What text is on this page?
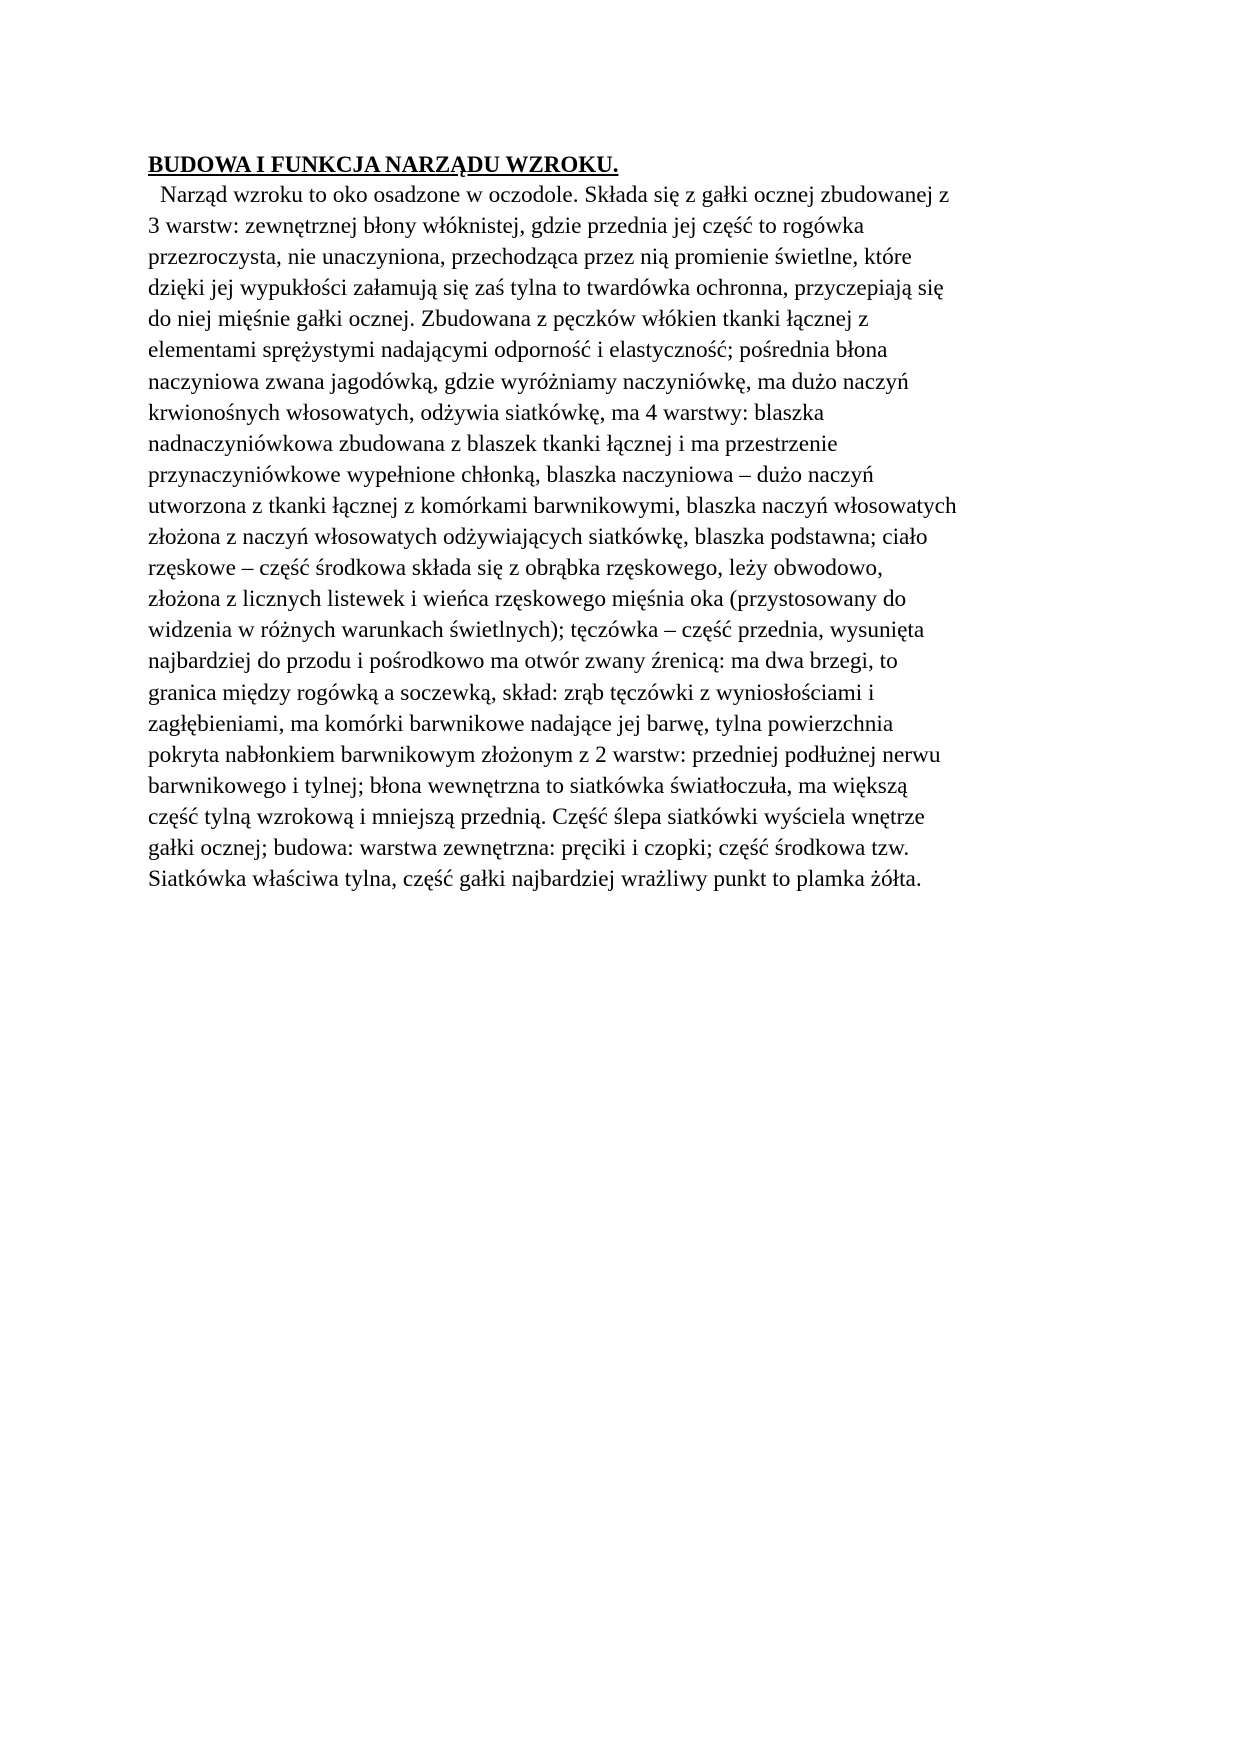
BUDOWA I FUNKCJA NARZĄDU WZROKU.

Narząd wzroku to oko osadzone w oczodole. Składa się z gałki ocznej zbudowanej z
3 warstw: zewnętrznej błony włóknistej, gdzie przednia jej część to rogówka
przezroczysta, nie unaczyniona, przechodząca przez nią promienie świetlne, które
dzięki jej wypukłości załamują się zaś tylna to twardówka ochronna, przyczepiają się
do niej mięśnie gałki ocznej. Zbudowana z pęczków włókien tkanki łącznej z
elementami sprężystymi nadającymi odporność i elastyczność; pośrednia błona
naczyniowa zwana jagodówką, gdzie wyróżniamy naczyniówkę, ma dużo naczyń
krwionośnych włosowatych, odżywia siatkówkę, ma 4 warstwy: blaszka
nadnaczyniówkowa zbudowana z blaszek tkanki łącznej i ma przestrzenie
przynaczyniówkowe wypełnione chłonką, blaszka naczyniowa – dużo naczyń
utworzona z tkanki łącznej z komórkami barwnikowymi, blaszka naczyń włosowatych
złożona z naczyń włosowatych odżywiających siatkówkę, blaszka podstawna; ciało
rzęskowe – część środkowa składa się z obrąbka rzęskowego, leży obwodowo,
złożona z licznych listewek i wieńca rzęskowego mięśnia oka (przystosowany do
widzenia w różnych warunkach świetlnych); tęczówka – część przednia, wysunięta
najbardziej do przodu i pośrodkowo ma otwór zwany źrenicą: ma dwa brzegi, to
granica między rogówką a soczewką, skład: zrąb tęczówki z wyniosłościami i
zagłębieniami, ma komórki barwnikowe nadające jej barwę, tylna powierzchnia
pokryta nabłonkiem barwnikowym złożonym z 2 warstw: przedniej podłużnej nerwu
barwnikowego i tylnej; błona wewnętrzna to siatkówka światłoczuła, ma większą
część tylną wzrokową i mniejszą przednią. Część ślepa siatkówki wyściela wnętrze
gałki ocznej; budowa: warstwa zewnętrzna: pręciki i czopki; część środkowa tzw.
Siatkówka właściwa tylna, część gałki najbardziej wrażliwy punkt to plamka żółta.
